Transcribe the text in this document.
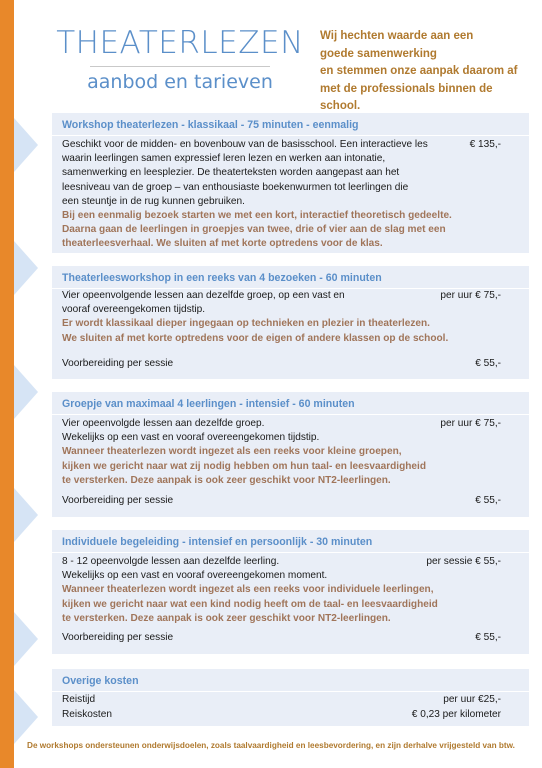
THEATERLEZEN
aanbod en tarieven
Wij hechten waarde aan een
goede samenwerking
en stemmen onze aanpak daarom af
met de professionals binnen de school.
Workshop theaterlezen - klassikaal - 75 minuten - eenmalig
€ 135,-
Geschikt voor de midden- en bovenbouw van de basisschool. Een interactieve les
waarin leerlingen samen expressief leren lezen en werken aan intonatie,
samenwerking en leesplezier. De theaterteksten worden aangepast aan het
leesniveau van de groep – van enthousiaste boekenwurmen tot leerlingen die
een steuntje in de rug kunnen gebruiken.
Bij een eenmalig bezoek starten we met een kort, interactief theoretisch gedeelte.
Daarna gaan de leerlingen in groepjes van twee, drie of vier aan de slag met een
theaterleesverhaal. We sluiten af met korte optredens voor de klas.
Theaterleesworkshop in een reeks van 4 bezoeken - 60 minuten
per uur € 75,-
Vier opeenvolgende lessen aan dezelfde groep, op een vast en
vooraf overeengekomen tijdstip.
Er wordt klassikaal dieper ingegaan op technieken en plezier in theaterlezen.
We sluiten af met korte optredens voor de eigen of andere klassen op de school.
Voorbereiding per sessie	€ 55,-
Groepje van maximaal 4 leerlingen - intensief - 60 minuten
per uur € 75,-
Vier opeenvolgde lessen aan dezelfde groep.
Wekelijks op een vast en vooraf overeengekomen tijdstip.
Wanneer theaterlezen wordt ingezet als een reeks voor kleine groepen,
kijken we gericht naar wat zij nodig hebben om hun taal- en leesvaardigheid
te versterken. Deze aanpak is ook zeer geschikt voor NT2-leerlingen.
Voorbereiding per sessie	€ 55,-
Individuele begeleiding - intensief en persoonlijk - 30 minuten
per sessie € 55,-
8 - 12 opeenvolgde lessen aan dezelfde leerling.
Wekelijks op een vast en vooraf overeengekomen moment.
Wanneer theaterlezen wordt ingezet als een reeks voor individuele leerlingen,
kijken we gericht naar wat een kind nodig heeft om de taal- en leesvaardigheid
te versterken. Deze aanpak is ook zeer geschikt voor NT2-leerlingen.
Voorbereiding per sessie	€ 55,-
Overige kosten
Reistijd	per uur €25,-
Reiskosten	€ 0,23 per kilometer
De workshops ondersteunen onderwijsdoelen, zoals taalvaardigheid en leesbevordering, en zijn derhalve vrijgesteld van btw.
